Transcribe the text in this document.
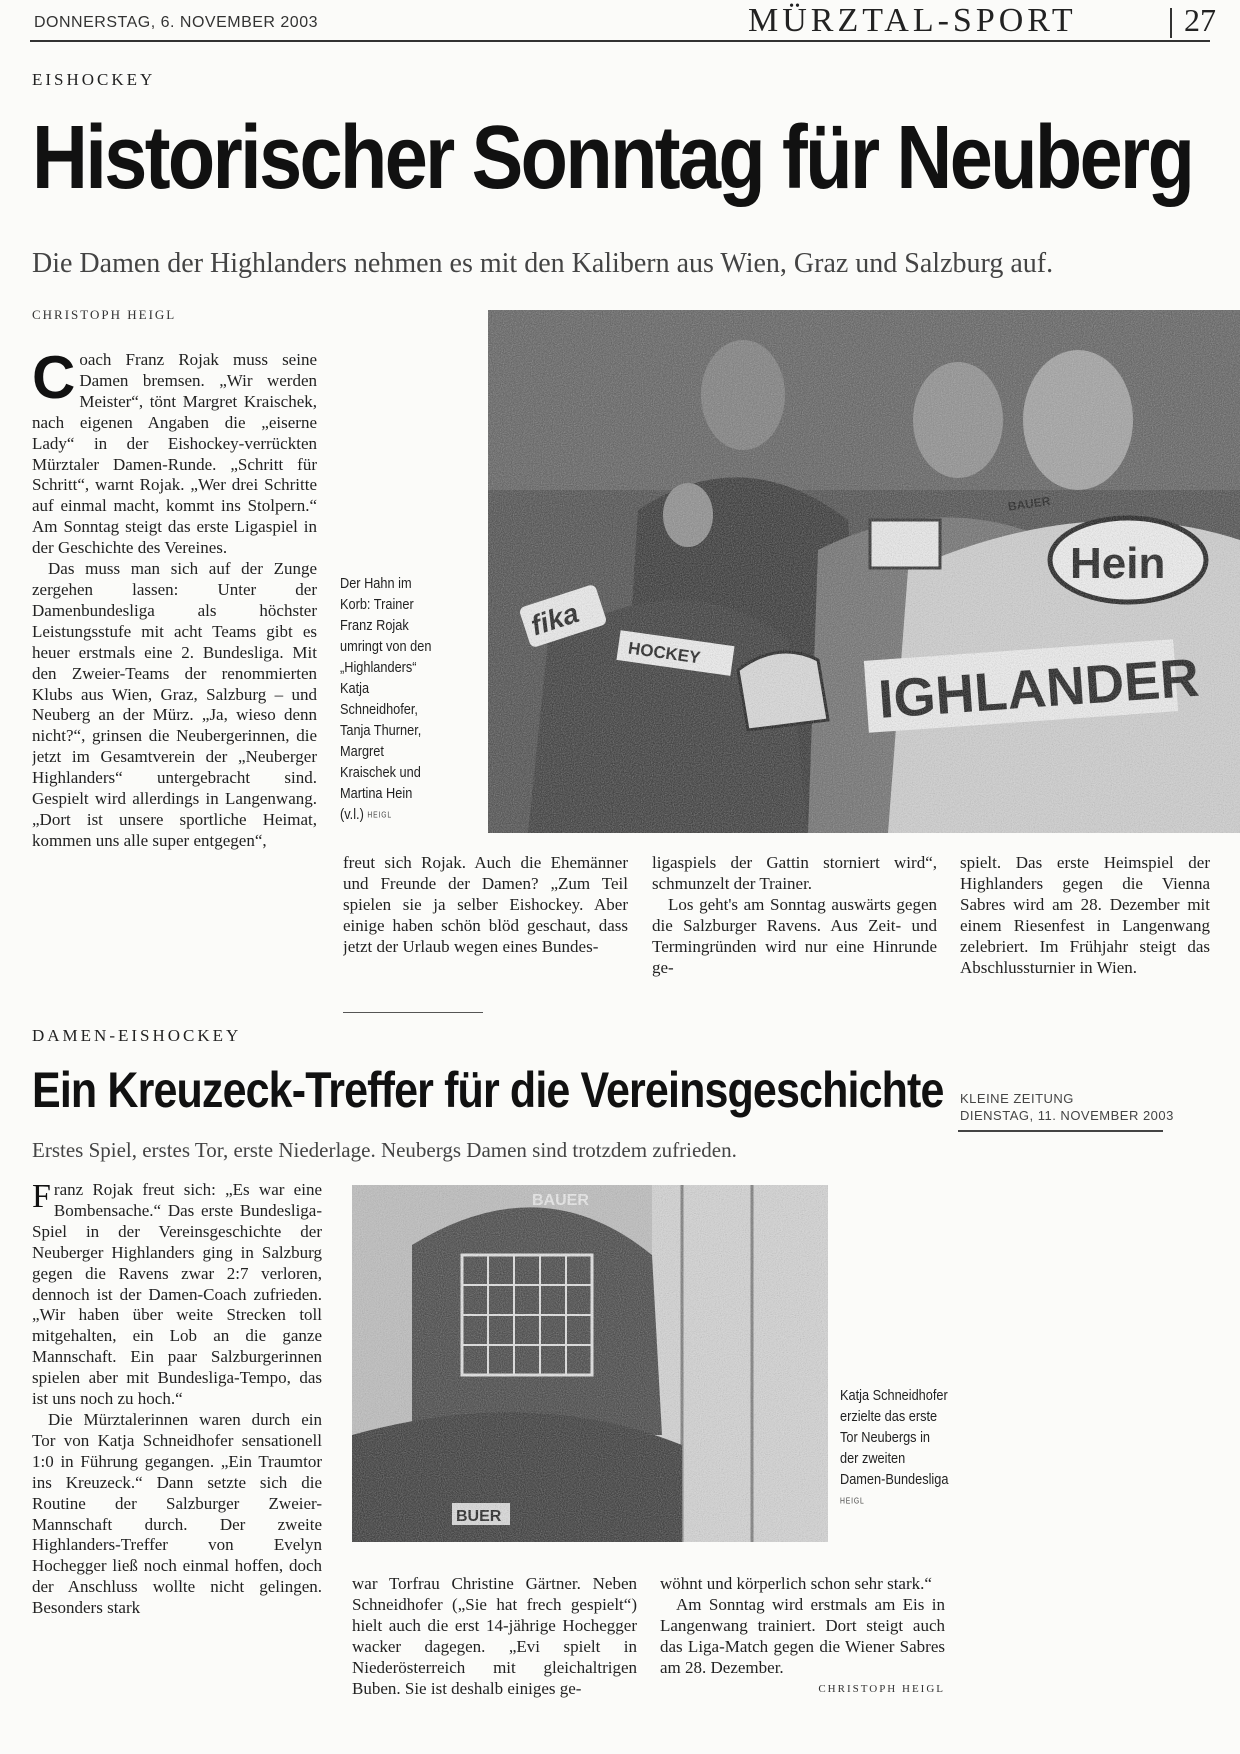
DONNERSTAG, 6. NOVEMBER 2003	MÜRZTAL-SPORT	27
EISHOCKEY
Historischer Sonntag für Neuberg
Die Damen der Highlanders nehmen es mit den Kalibern aus Wien, Graz und Salzburg auf.
CHRISTOPH HEIGL
C oach Franz Rojak muss seine Damen bremsen. „Wir werden Meister“, tönt Margret Kraischek, nach eigenen Angaben die „eiserne Lady“ in der Eishockey-verrückten Mürztaler Damen-Runde. „Schritt für Schritt“, warnt Rojak. „Wer drei Schritte auf einmal macht, kommt ins Stolpern.“ Am Sonntag steigt das erste Ligaspiel in der Geschichte des Vereines.

Das muss man sich auf der Zunge zergehen lassen: Unter der Damenbundesliga als höchster Leistungsstufe mit acht Teams gibt es heuer erstmals eine 2. Bundesliga. Mit den Zweier-Teams der renommierten Klubs aus Wien, Graz, Salzburg – und Neuberg an der Mürz. „Ja, wieso denn nicht?“, grinsen die Neubergerinnen, die jetzt im Gesamtverein der „Neuberger Highlanders“ untergebracht sind. Gespielt wird allerdings in Langenwang. „Dort ist unsere sportliche Heimat, kommen uns alle super entgegen“,

Der Hahn im Korb: Trainer Franz Rojak umringt von den „Highlanders“ Katja Schneidhofer, Tanja Thurner, Margret Kraischek und Martina Hein (v.l.) HEIGL

freut sich Rojak. Auch die Ehemänner und Freunde der Damen? „Zum Teil spielen sie ja selber Eishockey. Aber einige haben schön blöd geschaut, dass jetzt der Urlaub wegen eines Bundes-

ligaspiels der Gattin storniert wird“, schmunzelt der Trainer.

Los geht's am Sonntag auswärts gegen die Salzburger Ravens. Aus Zeit- und Termingründen wird nur eine Hinrunde ge-

spielt. Das erste Heimspiel der Highlanders gegen die Vienna Sabres wird am 28. Dezember mit einem Riesenfest in Langenwang zelebriert. Im Frühjahr steigt das Abschlussturnier in Wien.

DAMEN-EISHOCKEY
Ein Kreuzeck-Treffer für die Vereinsgeschichte
Erstes Spiel, erstes Tor, erste Niederlage. Neubergs Damen sind trotzdem zufrieden.
KLEINE ZEITUNG
DIENSTAG, 11. NOVEMBER 2003
F ranz Rojak freut sich: „Es war eine Bombensache.“ Das erste Bundesliga-Spiel in der Vereinsgeschichte der Neuberger Highlanders ging in Salzburg gegen die Ravens zwar 2:7 verloren, dennoch ist der Damen-Coach zufrieden. „Wir haben über weite Strecken toll mitgehalten, ein Lob an die ganze Mannschaft. Ein paar Salzburgerinnen spielen aber mit Bundesliga-Tempo, das ist uns noch zu hoch.“

Die Mürztalerinnen waren durch ein Tor von Katja Schneidhofer sensationell 1:0 in Führung gegangen. „Ein Traumtor ins Kreuzeck.“ Dann setzte sich die Routine der Salzburger Zweier-Mannschaft durch. Der zweite Highlanders-Treffer von Evelyn Hochegger ließ noch einmal hoffen, doch der Anschluss wollte nicht gelingen. Besonders stark

Katja Schneidhofer erzielte das erste Tor Neubergs in der zweiten Damen-Bundesliga HEIGL

war Torfrau Christine Gärtner. Neben Schneidhofer („Sie hat frech gespielt“) hielt auch die erst 14-jährige Hochegger wacker dagegen. „Evi spielt in Niederösterreich mit gleichaltrigen Buben. Sie ist deshalb einiges ge-

wöhnt und körperlich schon sehr stark.“

Am Sonntag wird erstmals am Eis in Langenwang trainiert. Dort steigt auch das Liga-Match gegen die Wiener Sabres am 28. Dezember.

CHRISTOPH HEIGL
